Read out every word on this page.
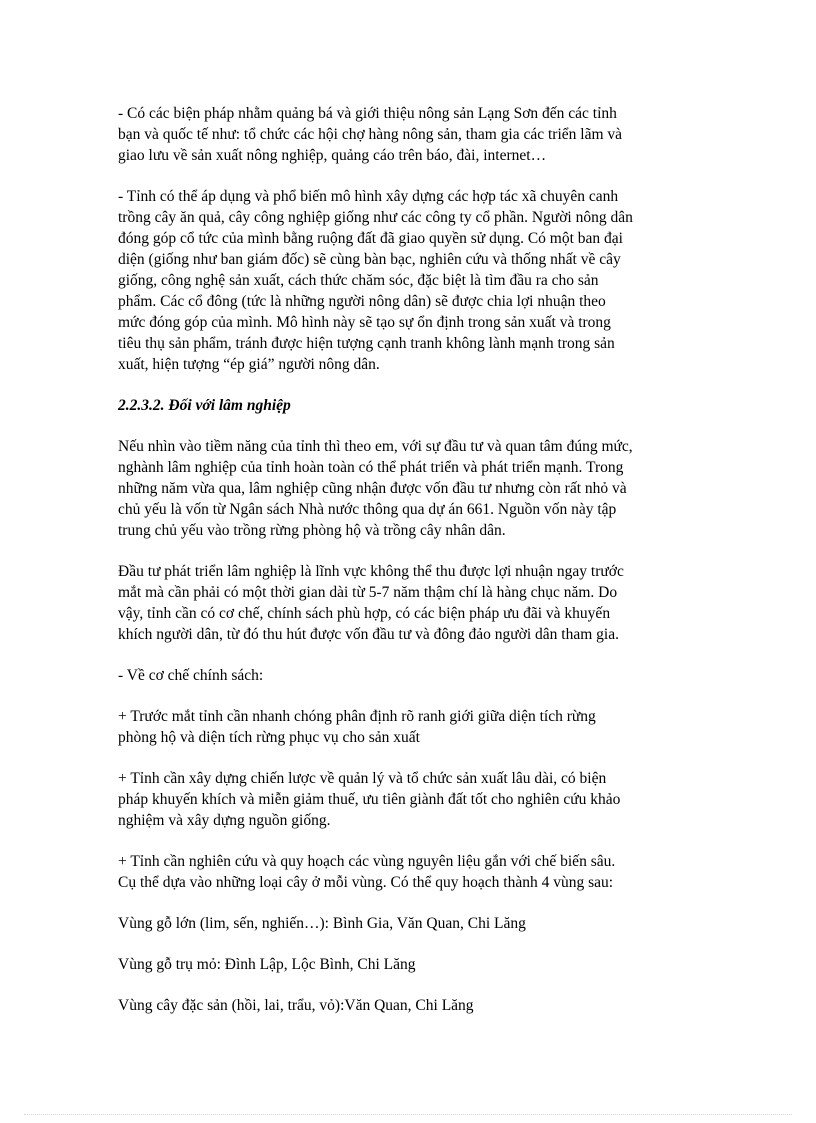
- Có các biện pháp nhằm quảng bá và giới thiệu nông sản Lạng Sơn đến các tỉnh
bạn và quốc tế như: tổ chức các hội chợ hàng nông sản, tham gia các triển lãm và
giao lưu về sản xuất nông nghiệp, quảng cáo trên báo, đài, internet…

- Tỉnh có thể áp dụng và phổ biến mô hình xây dựng các hợp tác xã chuyên canh
trồng cây ăn quả, cây công nghiệp giống như các công ty cổ phần. Người nông dân
đóng góp cổ tức của mình bằng ruộng đất đã giao quyền sử dụng. Có một ban đại
diện (giống như ban giám đốc) sẽ cùng bàn bạc, nghiên cứu và thống nhất về cây
giống, công nghệ sản xuất, cách thức chăm sóc, đặc biệt là tìm đầu ra cho sản
phẩm. Các cổ đông (tức là những người nông dân) sẽ được chia lợi nhuận theo
mức đóng góp của mình. Mô hình này sẽ tạo sự ổn định trong sản xuất và trong
tiêu thụ sản phẩm, tránh được hiện tượng cạnh tranh không lành mạnh trong sản
xuất, hiện tượng “ép giá” người nông dân.

2.2.3.2. Đối với lâm nghiệp

Nếu nhìn vào tiềm năng của tỉnh thì theo em, với sự đầu tư và quan tâm đúng mức,
nghành lâm nghiệp của tỉnh hoàn toàn có thể phát triển và phát triển mạnh. Trong
những năm vừa qua, lâm nghiệp cũng nhận được vốn đầu tư nhưng còn rất nhỏ và
chủ yếu là vốn từ Ngân sách Nhà nước thông qua dự án 661. Nguồn vốn này tập
trung chủ yếu vào trồng rừng phòng hộ và trồng cây nhân dân.

Đầu tư phát triển lâm nghiệp là lĩnh vực không thể thu được lợi nhuận ngay trước
mắt mà cần phải có một thời gian dài từ 5-7 năm thậm chí là hàng chục năm. Do
vậy, tỉnh cần có cơ chế, chính sách phù hợp, có các biện pháp ưu đãi và khuyến
khích người dân, từ đó thu hút được vốn đầu tư và đông đảo người dân tham gia.

- Về cơ chế chính sách:

+ Trước mắt tỉnh cần nhanh chóng phân định rõ ranh giới giữa diện tích rừng
phòng hộ và diện tích rừng phục vụ cho sản xuất

+ Tỉnh cần xây dựng chiến lược về quản lý và tổ chức sản xuất lâu dài, có biện
pháp khuyến khích và miễn giảm thuế, ưu tiên giành đất tốt cho nghiên cứu khảo
nghiệm và xây dựng nguồn giống.

+ Tỉnh cần nghiên cứu và quy hoạch các vùng nguyên liệu gắn với chế biến sâu.
Cụ thể dựa vào những loại cây ở mỗi vùng. Có thể quy hoạch thành 4 vùng sau:

Vùng gỗ lớn (lim, sến, nghiến…): Bình Gia, Văn Quan, Chi Lăng

Vùng gỗ trụ mỏ: Đình Lập, Lộc Bình, Chi Lăng

Vùng cây đặc sản (hồi, lai, trẩu, vỏ):Văn Quan, Chi Lăng
